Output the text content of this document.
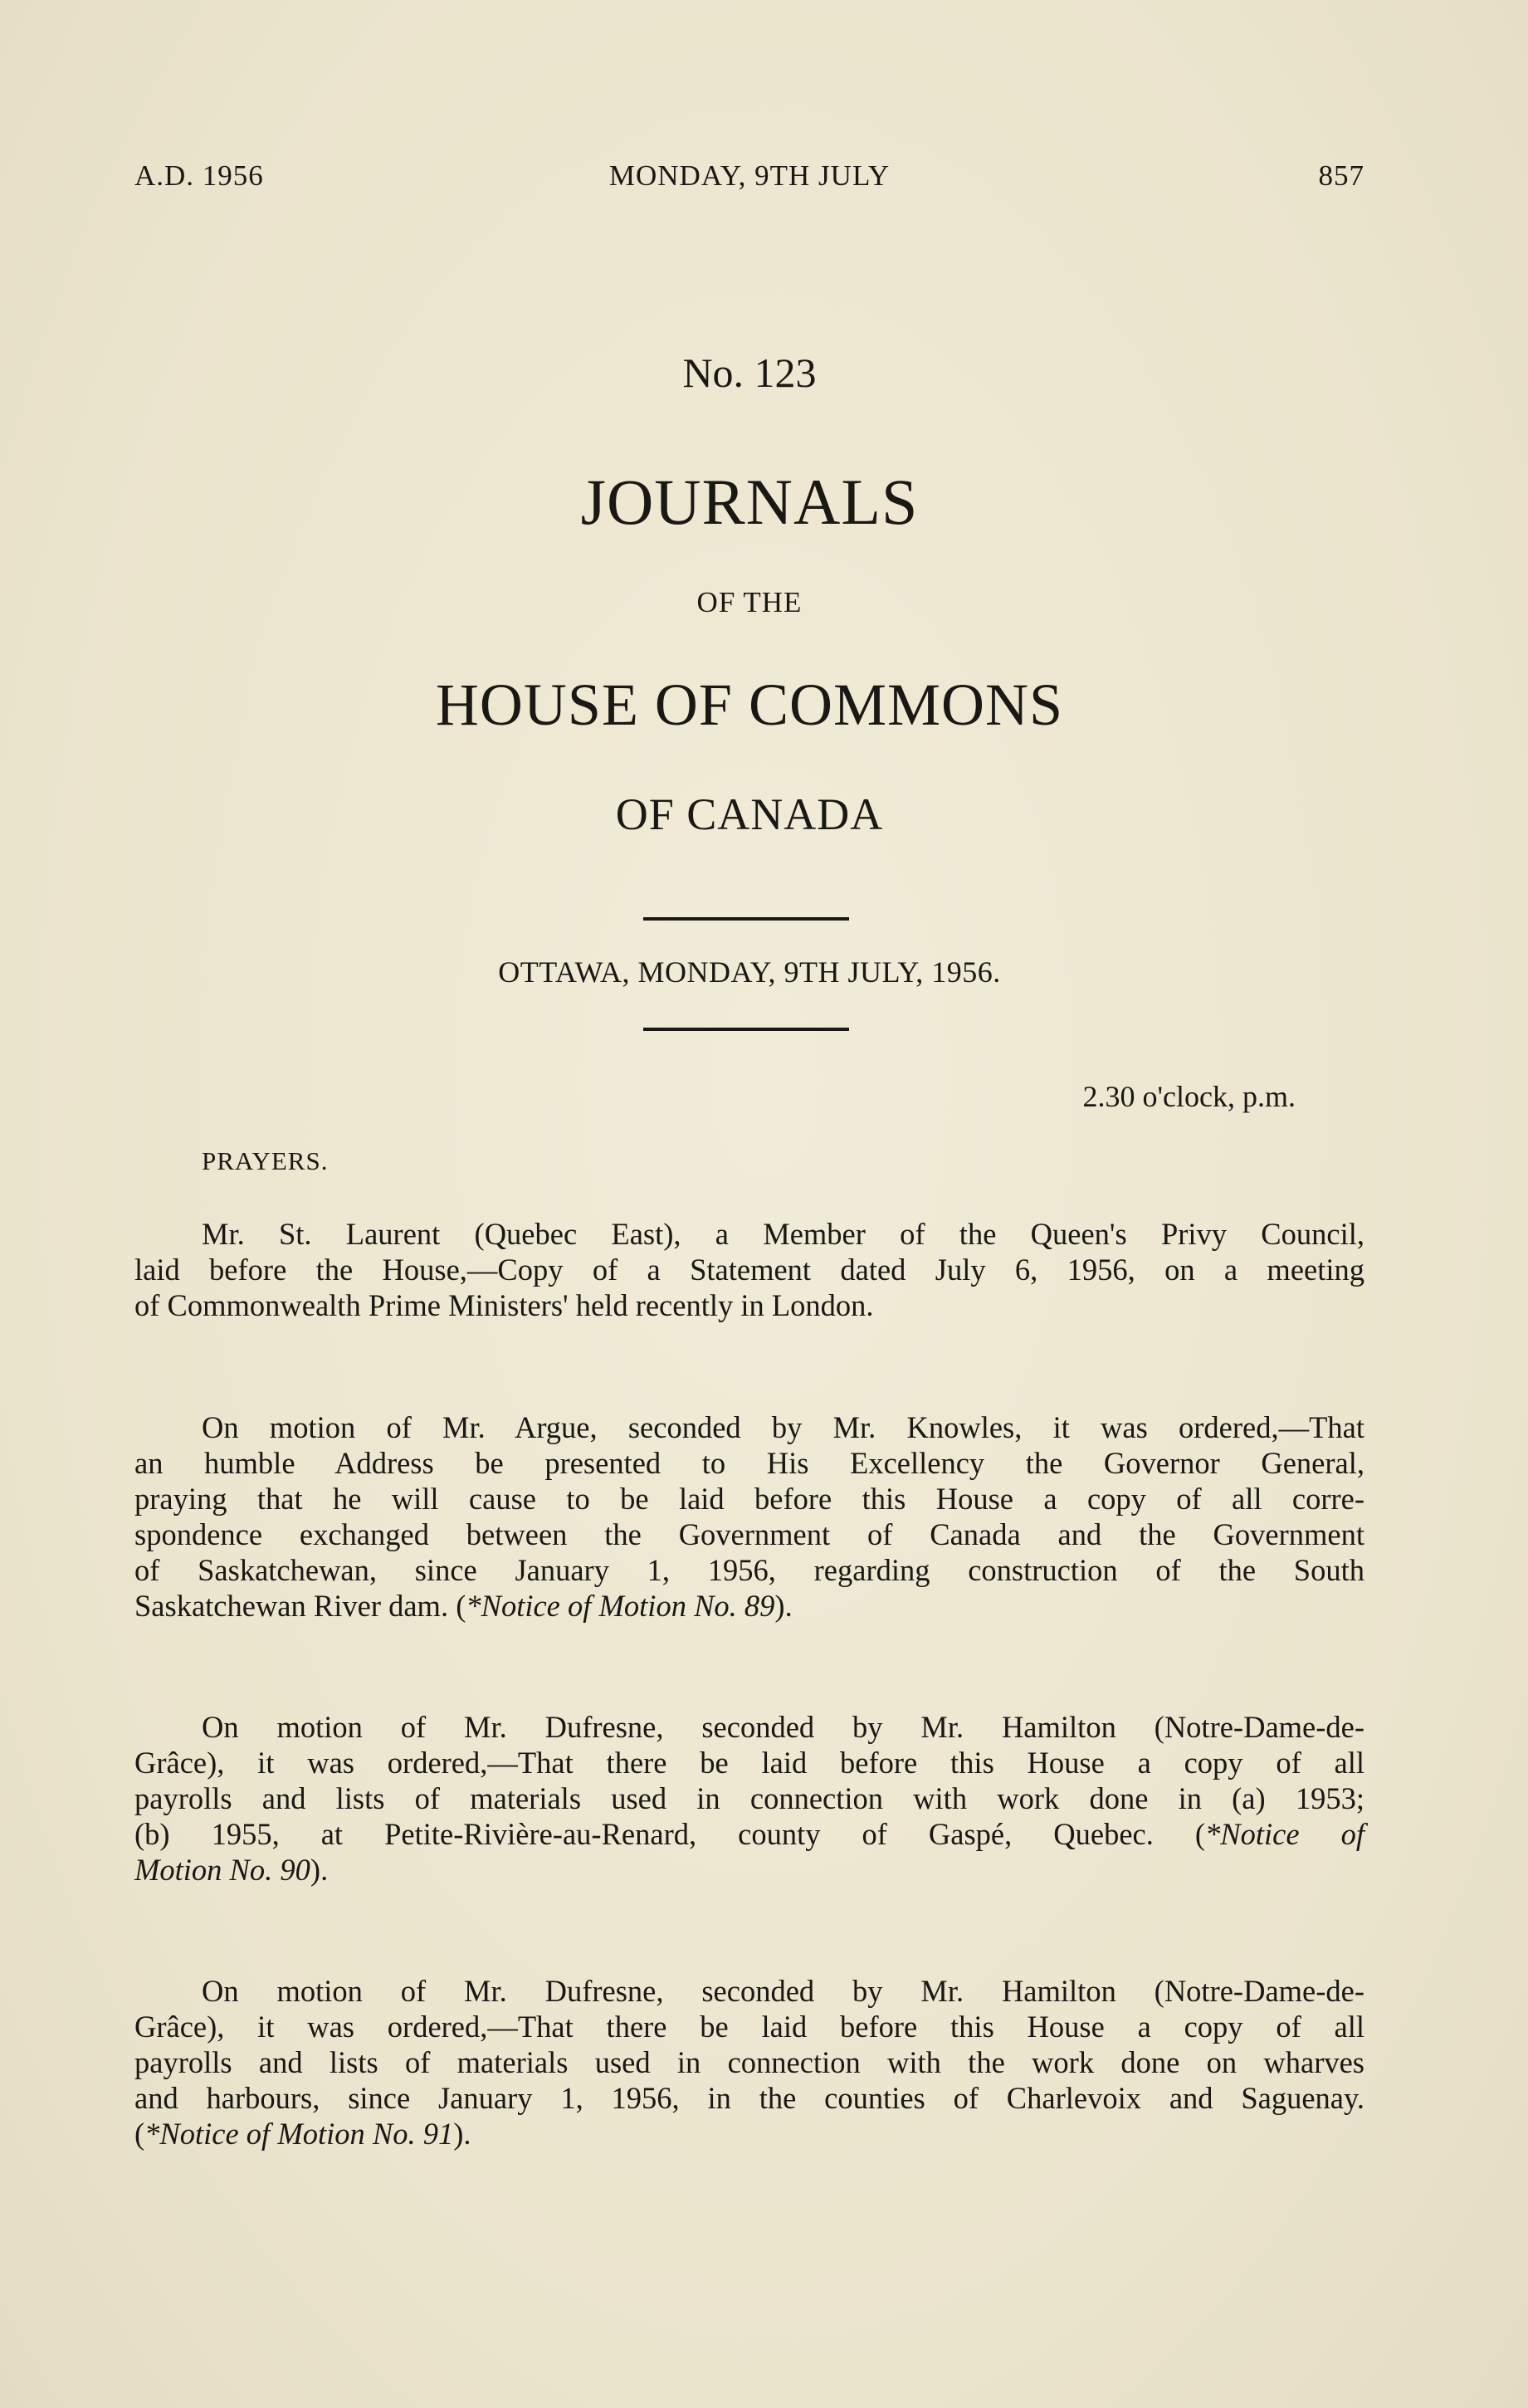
A.D. 1956	MONDAY, 9TH JULY	857
No. 123
JOURNALS
OF THE
HOUSE OF COMMONS
OF CANADA
OTTAWA, MONDAY, 9TH JULY, 1956.
2.30 o'clock, p.m.
PRAYERS.
Mr. St. Laurent (Quebec East), a Member of the Queen's Privy Council,
laid before the House,—Copy of a Statement dated July 6, 1956, on a meeting
of Commonwealth Prime Ministers' held recently in London.
On motion of Mr. Argue, seconded by Mr. Knowles, it was ordered,—That
an humble Address be presented to His Excellency the Governor General,
praying that he will cause to be laid before this House a copy of all corre-
spondence exchanged between the Government of Canada and the Government
of Saskatchewan, since January 1, 1956, regarding construction of the South
Saskatchewan River dam. (*Notice of Motion No. 89).
On motion of Mr. Dufresne, seconded by Mr. Hamilton (Notre-Dame-de-
Grâce), it was ordered,—That there be laid before this House a copy of all
payrolls and lists of materials used in connection with work done in (a) 1953;
(b) 1955, at Petite-Rivière-au-Renard, county of Gaspé, Quebec. (*Notice of
Motion No. 90).
On motion of Mr. Dufresne, seconded by Mr. Hamilton (Notre-Dame-de-
Grâce), it was ordered,—That there be laid before this House a copy of all
payrolls and lists of materials used in connection with the work done on wharves
and harbours, since January 1, 1956, in the counties of Charlevoix and Saguenay.
(*Notice of Motion No. 91).
